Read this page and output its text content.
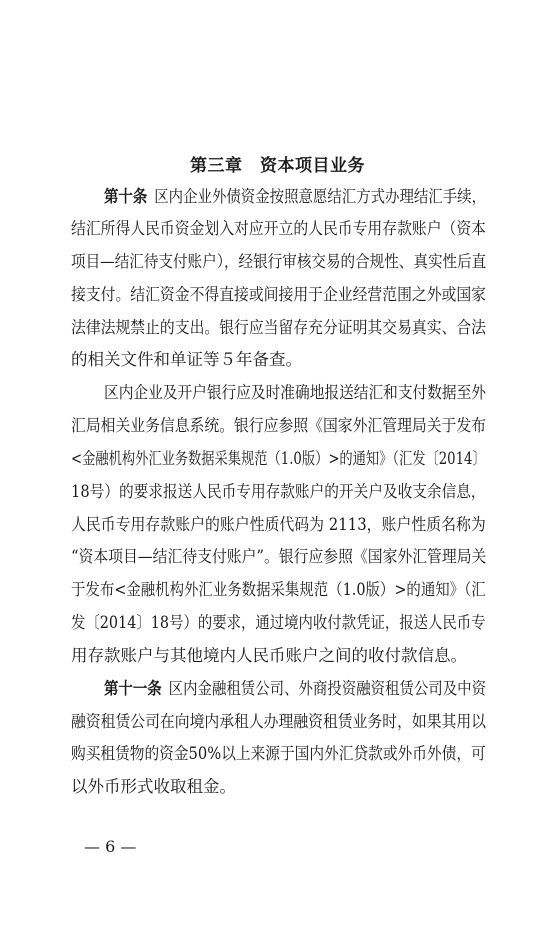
第三章　资本项目业务
第十条 区内企业外债资金按照意愿结汇方式办理结汇手续，
结汇所得人民币资金划入对应开立的人民币专用存款账户（资本
项目—结汇待支付账户），经银行审核交易的合规性、真实性后直
接支付。结汇资金不得直接或间接用于企业经营范围之外或国家
法律法规禁止的支出。银行应当留存充分证明其交易真实、合法
的相关文件和单证等５年备查。
区内企业及开户银行应及时准确地报送结汇和支付数据至外
汇局相关业务信息系统。银行应参照《国家外汇管理局关于发布
<金融机构外汇业务数据采集规范（1.0版）>的通知》（汇发〔2014〕
18号）的要求报送人民币专用存款账户的开关户及收支余信息，
人民币专用存款账户的账户性质代码为 2113，账户性质名称为
“资本项目—结汇待支付账户”。银行应参照《国家外汇管理局关
于发布<金融机构外汇业务数据采集规范（1.0版）>的通知》（汇
发〔2014〕18号）的要求，通过境内收付款凭证，报送人民币专
用存款账户与其他境内人民币账户之间的收付款信息。
第十一条 区内金融租赁公司、外商投资融资租赁公司及中资
融资租赁公司在向境内承租人办理融资租赁业务时，如果其用以
购买租赁物的资金50%以上来源于国内外汇贷款或外币外债，可
以外币形式收取租金。
— 6 —
